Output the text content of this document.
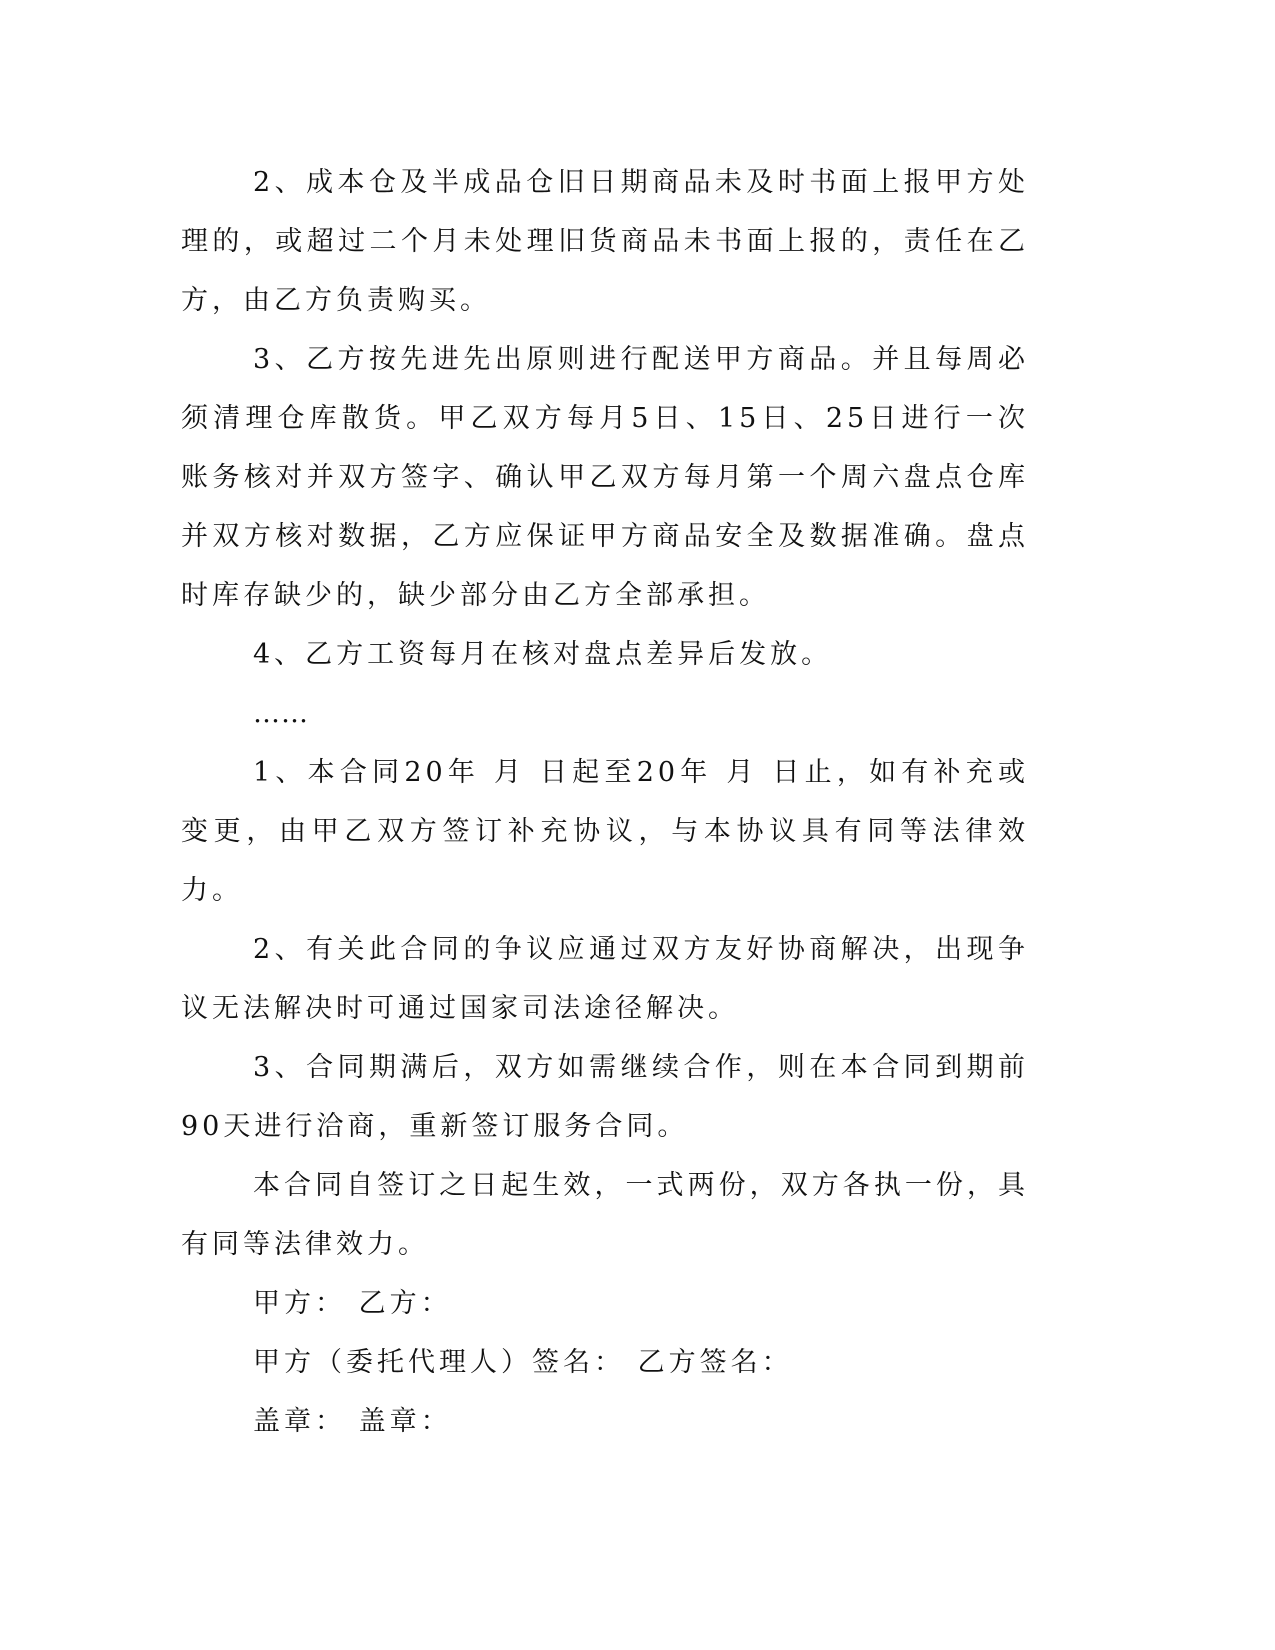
2、成本仓及半成品仓旧日期商品未及时书面上报甲方处理的，或超过二个月未处理旧货商品未书面上报的，责任在乙方，由乙方负责购买。

3、乙方按先进先出原则进行配送甲方商品。并且每周必须清理仓库散货。甲乙双方每月5日、15日、25日进行一次账务核对并双方签字、确认甲乙双方每月第一个周六盘点仓库并双方核对数据，乙方应保证甲方商品安全及数据准确。盘点时库存缺少的，缺少部分由乙方全部承担。

4、乙方工资每月在核对盘点差异后发放。

……

1、本合同20年 月 日起至20年 月 日止，如有补充或变更，由甲乙双方签订补充协议，与本协议具有同等法律效力。

2、有关此合同的争议应通过双方友好协商解决，出现争议无法解决时可通过国家司法途径解决。

3、合同期满后，双方如需继续合作，则在本合同到期前90天进行洽商，重新签订服务合同。

本合同自签订之日起生效，一式两份，双方各执一份，具有同等法律效力。

甲方： 乙方：

甲方（委托代理人）签名： 乙方签名：

盖章： 盖章：
